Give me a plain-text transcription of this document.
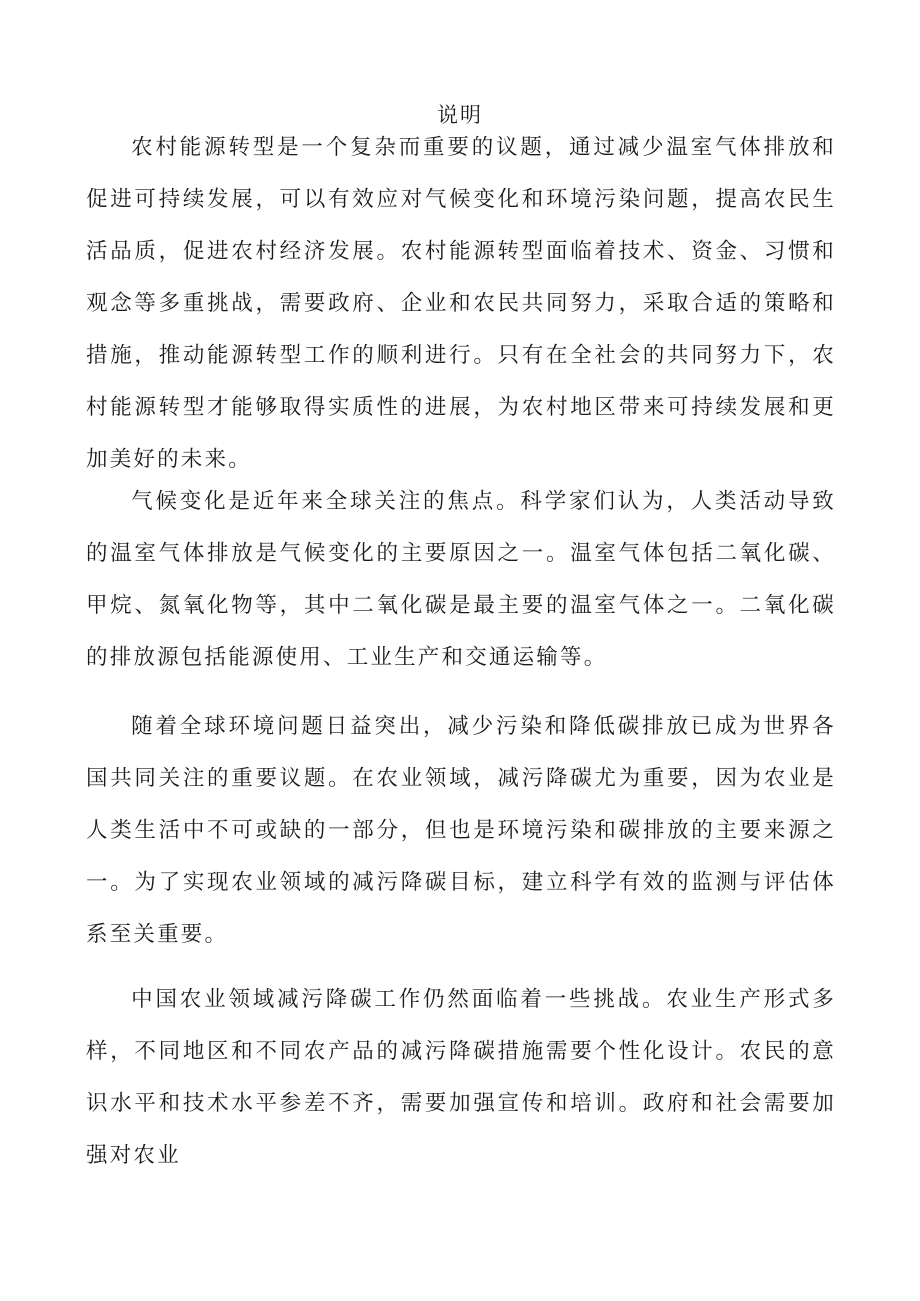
说明

农村能源转型是一个复杂而重要的议题，通过减少温室气体排放和促进可持续发展，可以有效应对气候变化和环境污染问题，提高农民生活品质，促进农村经济发展。农村能源转型面临着技术、资金、习惯和观念等多重挑战，需要政府、企业和农民共同努力，采取合适的策略和措施，推动能源转型工作的顺利进行。只有在全社会的共同努力下，农村能源转型才能够取得实质性的进展，为农村地区带来可持续发展和更加美好的未来。

气候变化是近年来全球关注的焦点。科学家们认为，人类活动导致的温室气体排放是气候变化的主要原因之一。温室气体包括二氧化碳、甲烷、氮氧化物等，其中二氧化碳是最主要的温室气体之一。二氧化碳的排放源包括能源使用、工业生产和交通运输等。

随着全球环境问题日益突出，减少污染和降低碳排放已成为世界各国共同关注的重要议题。在农业领域，减污降碳尤为重要，因为农业是人类生活中不可或缺的一部分，但也是环境污染和碳排放的主要来源之一。为了实现农业领域的减污降碳目标，建立科学有效的监测与评估体系至关重要。

中国农业领域减污降碳工作仍然面临着一些挑战。农业生产形式多样，不同地区和不同农产品的减污降碳措施需要个性化设计。农民的意识水平和技术水平参差不齐，需要加强宣传和培训。政府和社会需要加强对农业
